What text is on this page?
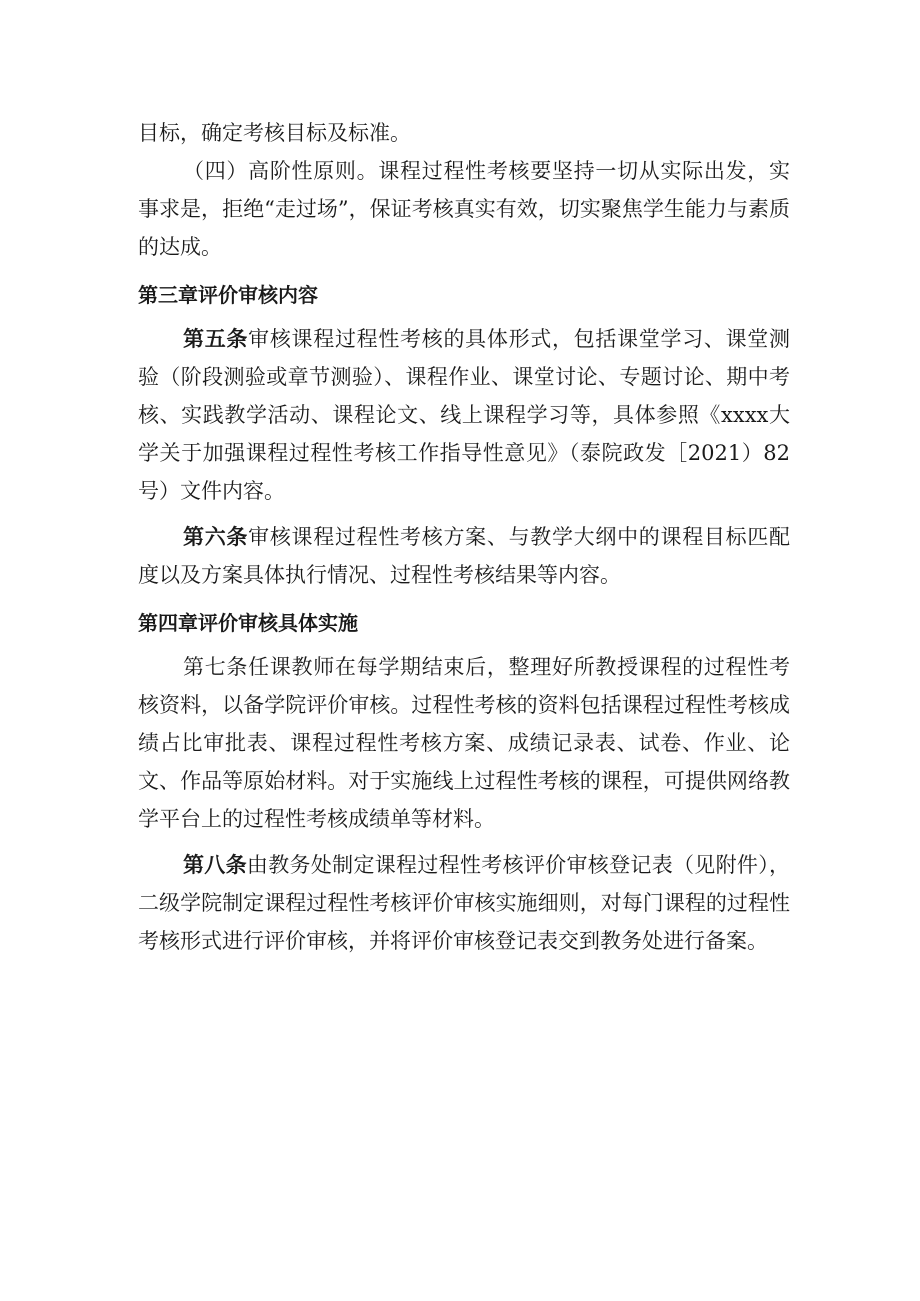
目标，确定考核目标及标准。

（四）高阶性原则。课程过程性考核要坚持一切从实际出发，实事求是，拒绝“走过场”，保证考核真实有效，切实聚焦学生能力与素质的达成。

第三章评价审核内容

第五条审核课程过程性考核的具体形式，包括课堂学习、课堂测验（阶段测验或章节测验）、课程作业、课堂讨论、专题讨论、期中考核、实践教学活动、课程论文、线上课程学习等，具体参照《xxxx大学关于加强课程过程性考核工作指导性意见》（泰院政发［2021）82号）文件内容。

第六条审核课程过程性考核方案、与教学大纲中的课程目标匹配度以及方案具体执行情况、过程性考核结果等内容。

第四章评价审核具体实施

第七条任课教师在每学期结束后，整理好所教授课程的过程性考核资料，以备学院评价审核。过程性考核的资料包括课程过程性考核成绩占比审批表、课程过程性考核方案、成绩记录表、试卷、作业、论文、作品等原始材料。对于实施线上过程性考核的课程，可提供网络教学平台上的过程性考核成绩单等材料。

第八条由教务处制定课程过程性考核评价审核登记表（见附件），二级学院制定课程过程性考核评价审核实施细则，对每门课程的过程性考核形式进行评价审核，并将评价审核登记表交到教务处进行备案。
